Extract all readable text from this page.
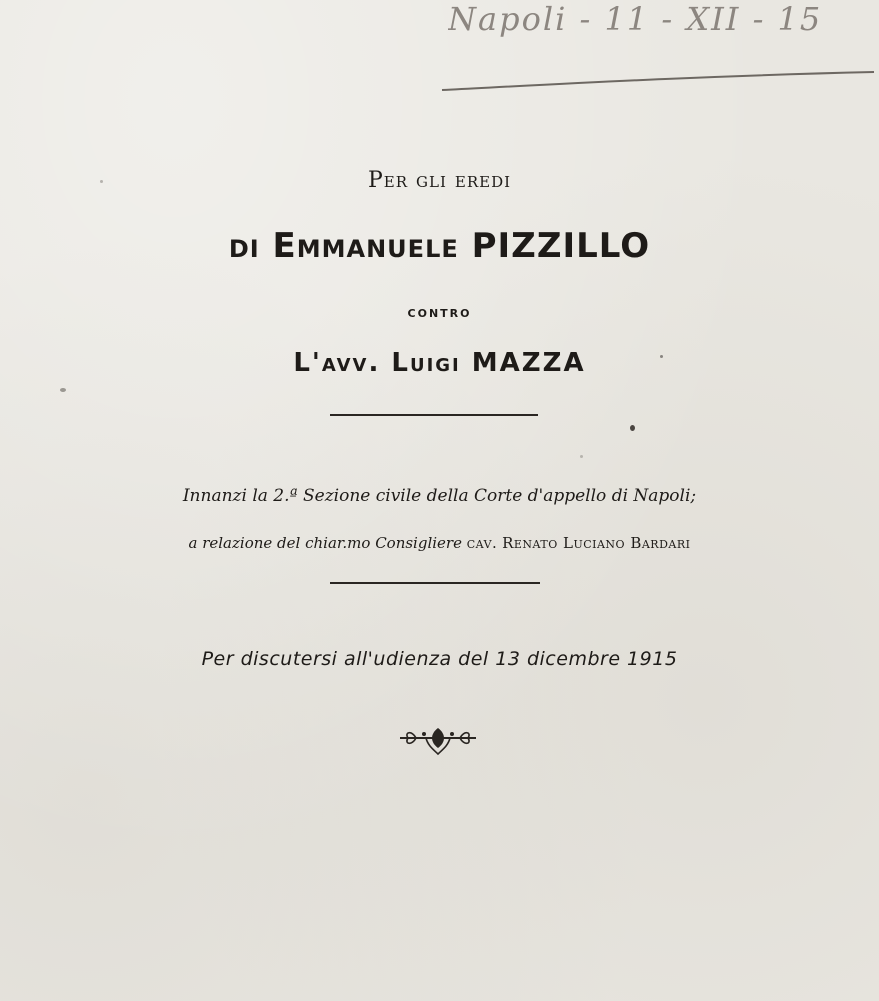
Napoli - 11 - XII - 15
Per gli eredi
di Emmanuele PIZZILLO
contro
L'avv. Luigi MAZZA
Innanzi la 2.ª Sezione civile della Corte d'appello di Napoli;
a relazione del chiar.mo Consigliere cav. Renato Luciano Bardari
Per discutersi all'udienza del 13 dicembre 1915
